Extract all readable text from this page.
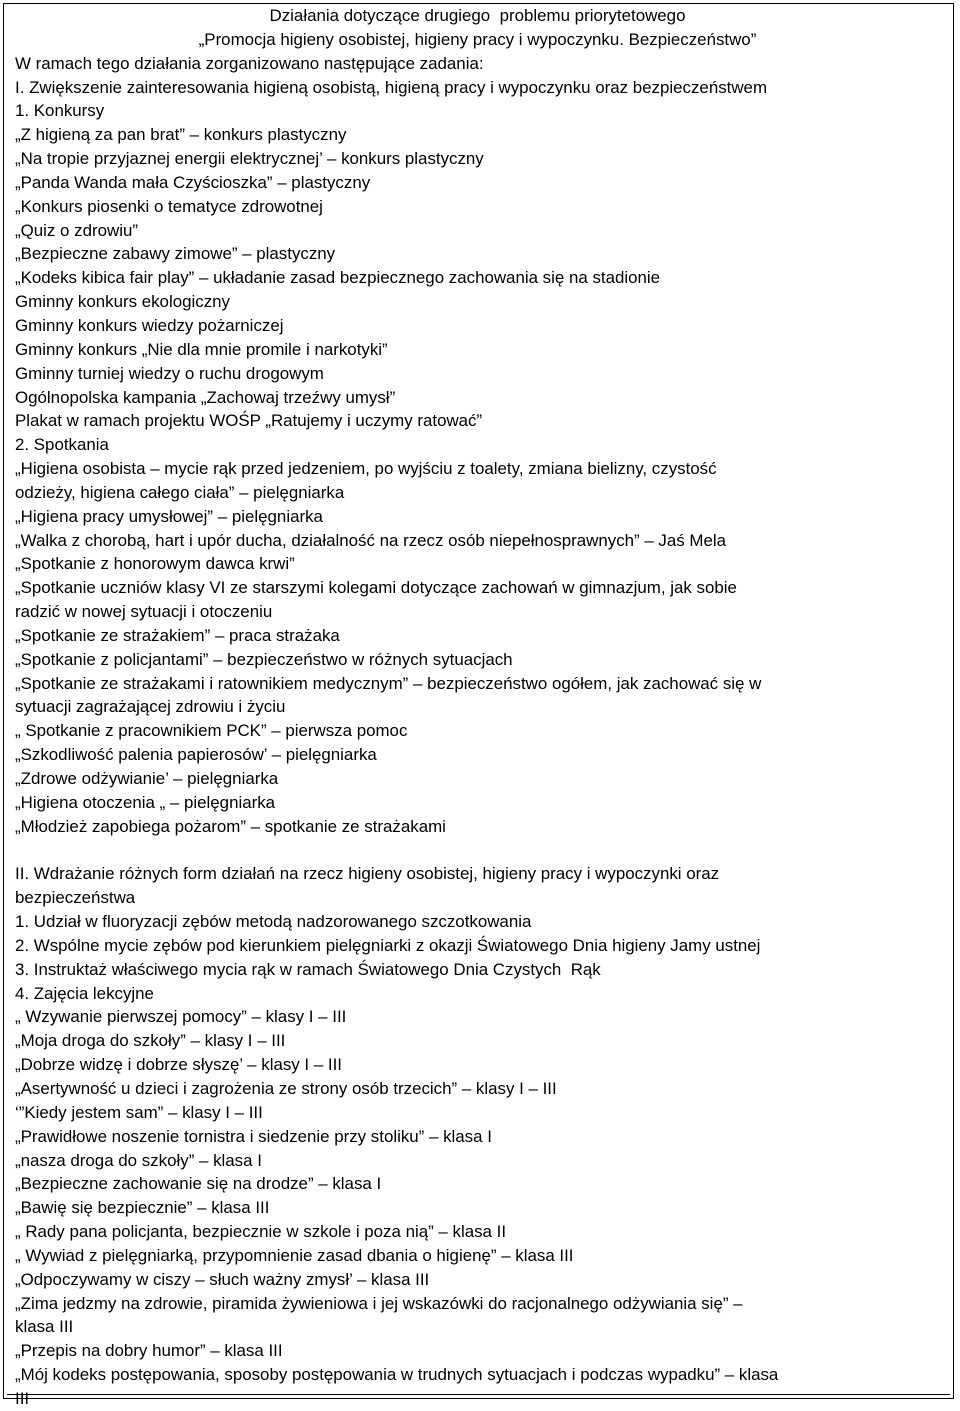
Działania dotyczące drugiego  problemu priorytetowego
„Promocja higieny osobistej, higieny pracy i wypoczynku. Bezpieczeństwo”
W ramach tego działania zorganizowano następujące zadania:
I. Zwiększenie zainteresowania higieną osobistą, higieną pracy i wypoczynku oraz bezpieczeństwem
1. Konkursy
„Z higieną za pan brat” – konkurs plastyczny
„Na tropie przyjaznej energii elektrycznej’ – konkurs plastyczny
„Panda Wanda mała Czyścioszka” – plastyczny
„Konkurs piosenki o tematyce zdrowotnej
„Quiz o zdrowiu”
„Bezpieczne zabawy zimowe” – plastyczny
„Kodeks kibica fair play” – układanie zasad bezpiecznego zachowania się na stadionie
Gminny konkurs ekologiczny
Gminny konkurs wiedzy pożarniczej
Gminny konkurs „Nie dla mnie promile i narkotyki”
Gminny turniej wiedzy o ruchu drogowym
Ogólnopolska kampania „Zachowaj trzeźwy umysł”
Plakat w ramach projektu WOŚP „Ratujemy i uczymy ratować”
2. Spotkania
„Higiena osobista – mycie rąk przed jedzeniem, po wyjściu z toalety, zmiana bielizny, czystość
odzieży, higiena całego ciała” – pielęgniarka
„Higiena pracy umysłowej” – pielęgniarka
„Walka z chorobą, hart i upór ducha, działalność na rzecz osób niepełnosprawnych” – Jaś Mela
„Spotkanie z honorowym dawca krwi”
„Spotkanie uczniów klasy VI ze starszymi kolegami dotyczące zachowań w gimnazjum, jak sobie
radzić w nowej sytuacji i otoczeniu
„Spotkanie ze strażakiem” – praca strażaka
„Spotkanie z policjantami” – bezpieczeństwo w różnych sytuacjach
„Spotkanie ze strażakami i ratownikiem medycznym” – bezpieczeństwo ogółem, jak zachować się w
sytuacji zagrażającej zdrowiu i życiu
„ Spotkanie z pracownikiem PCK” – pierwsza pomoc
„Szkodliwość palenia papierosów’ – pielęgniarka
„Zdrowe odżywianie’ – pielęgniarka
„Higiena otoczenia „ – pielęgniarka
„Młodzież zapobiega pożarom” – spotkanie ze strażakami
II. Wdrażanie różnych form działań na rzecz higieny osobistej, higieny pracy i wypoczynki oraz
bezpieczeństwa
1. Udział w fluoryzacji zębów metodą nadzorowanego szczotkowania
2. Wspólne mycie zębów pod kierunkiem pielęgniarki z okazji Światowego Dnia higieny Jamy ustnej
3. Instruktaż właściwego mycia rąk w ramach Światowego Dnia Czystych  Rąk
4. Zajęcia lekcyjne
„ Wzywanie pierwszej pomocy” – klasy I – III
„Moja droga do szkoły” – klasy I – III
„Dobrze widzę i dobrze słyszę’ – klasy I – III
„Asertywność u dzieci i zagrożenia ze strony osób trzecich” – klasy I – III
‘”Kiedy jestem sam” – klasy I – III
„Prawidłowe noszenie tornistra i siedzenie przy stoliku” – klasa I
„nasza droga do szkoły” – klasa I
„Bezpieczne zachowanie się na drodze” – klasa I
„Bawię się bezpiecznie” – klasa III
„ Rady pana policjanta, bezpiecznie w szkole i poza nią” – klasa II
„ Wywiad z pielęgniarką, przypomnienie zasad dbania o higienę” – klasa III
„Odpoczywamy w ciszy – słuch ważny zmysł’ – klasa III
„Zima jedzmy na zdrowie, piramida żywieniowa i jej wskazówki do racjonalnego odżywiania się” –
klasa III
„Przepis na dobry humor” – klasa III
„Mój kodeks postępowania, sposoby postępowania w trudnych sytuacjach i podczas wypadku” – klasa
III
